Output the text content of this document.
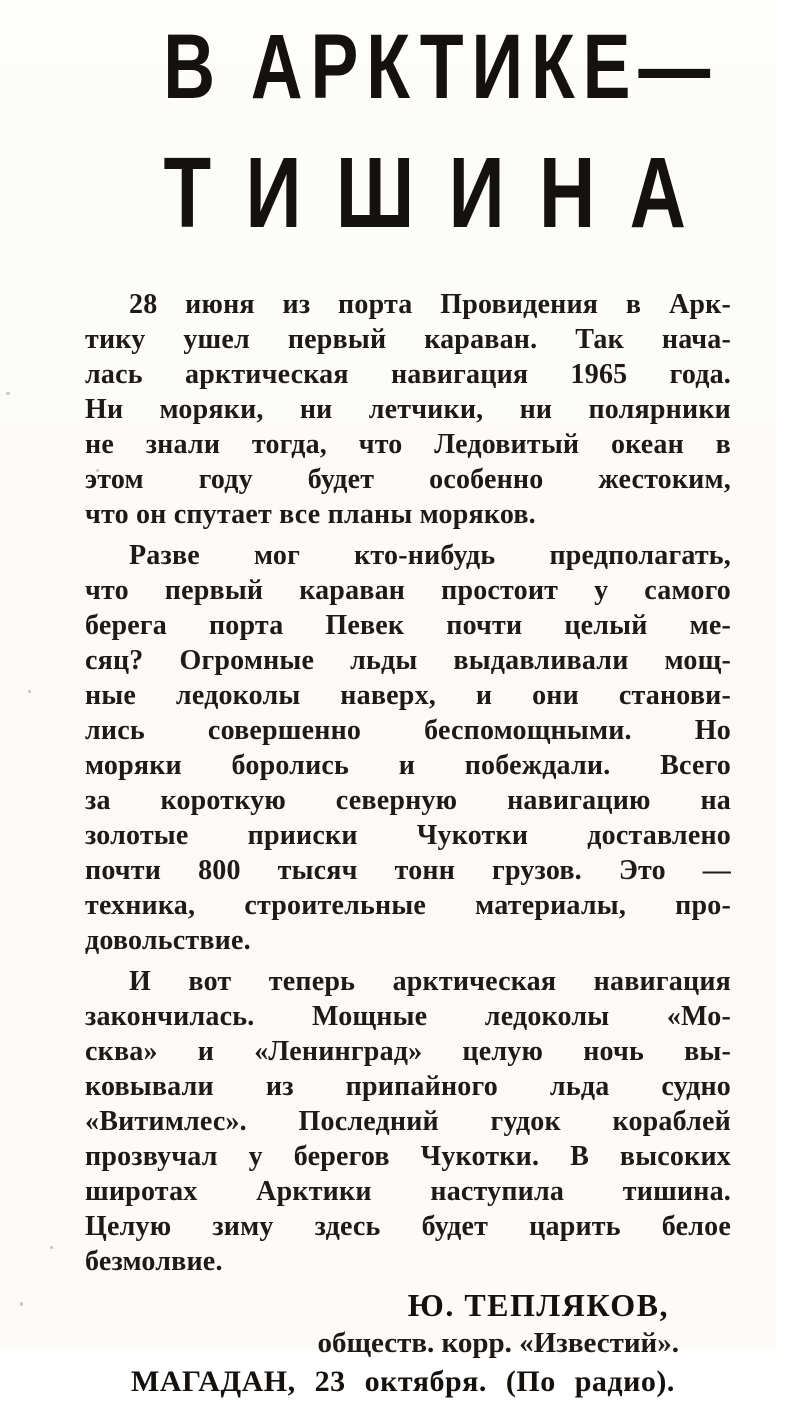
В АРКТИКЕ—
ТИШИНА
28 июня из порта Провидения в Арк-
тику ушел первый караван. Так нача-
лась арктическая навигация 1965 года.
Ни моряки, ни летчики, ни полярники
не знали тогда, что Ледовитый океан в
этом году будет особенно жестоким,
что он спутает все планы моряков.
Разве мог кто-нибудь предполагать,
что первый караван простоит у самого
берега порта Певек почти целый ме-
сяц? Огромные льды выдавливали мощ-
ные ледоколы наверх, и они станови-
лись совершенно беспомощными. Но
моряки боролись и побеждали. Всего
за короткую северную навигацию на
золотые прииски Чукотки доставлено
почти 800 тысяч тонн грузов. Это —
техника, строительные материалы, про-
довольствие.
И вот теперь арктическая навигация
закончилась. Мощные ледоколы «Мо-
сква» и «Ленинград» целую ночь вы-
ковывали из припайного льда судно
«Витимлес». Последний гудок кораблей
прозвучал у берегов Чукотки. В высоких
широтах Арктики наступила тишина.
Целую зиму здесь будет царить белое
безмолвие.
Ю. ТЕПЛЯКОВ,
обществ. корр. «Известий».
МАГАДАН, 23 октября. (По радио).
